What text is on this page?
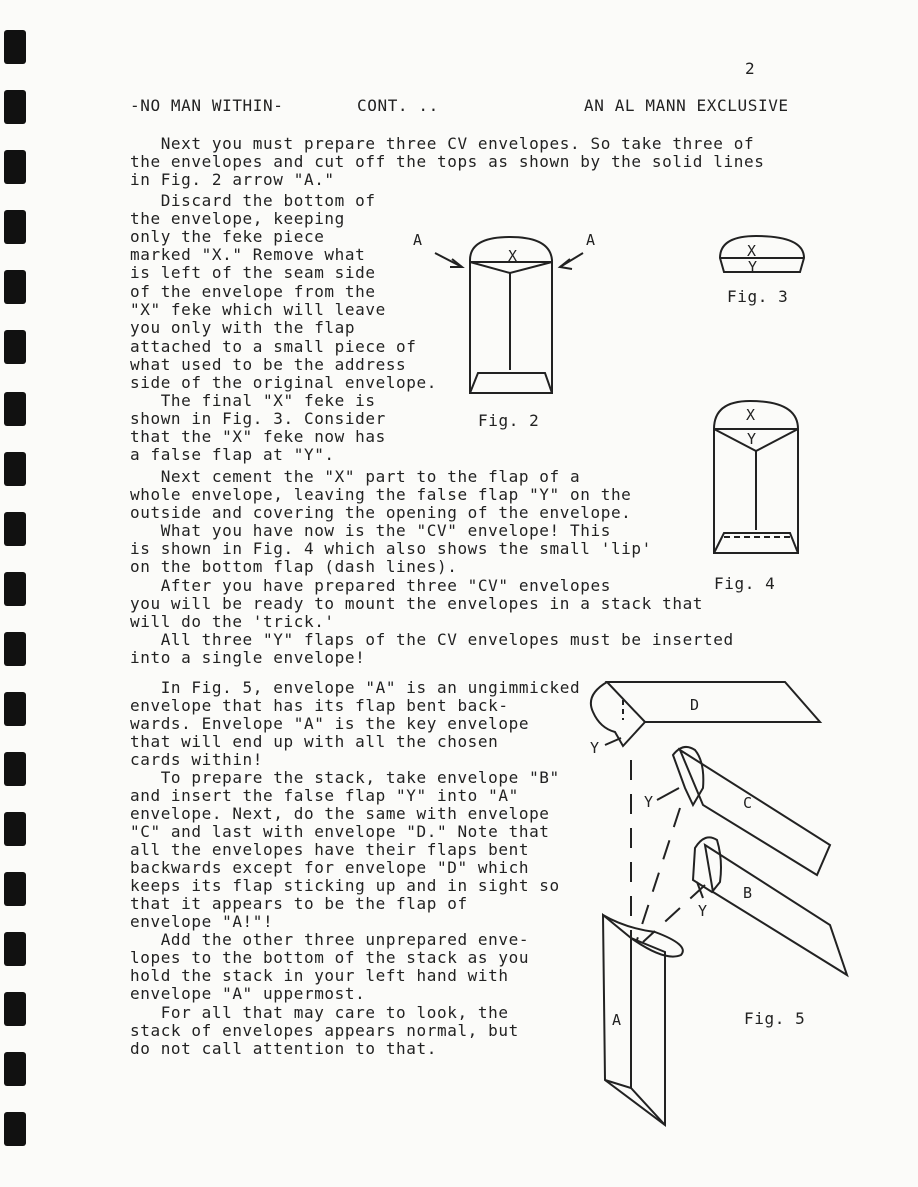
2
-NO MAN WITHIN-	CONT. ..	AN AL MANN EXCLUSIVE
Next you must prepare three CV envelopes. So take three of
the envelopes and cut off the tops as shown by the solid lines
in Fig. 2 arrow "A."
Discard the bottom of
the envelope, keeping
only the feke piece
marked "X." Remove what
is left of the seam side
of the envelope from the
"X" feke which will leave
you only with the flap
attached to a small piece of
what used to be the address
side of the original envelope.
The final "X" feke is
shown in Fig. 3. Consider
that the "X" feke now has
a false flap at "Y".
Next cement the "X" part to the flap of a
whole envelope, leaving the false flap "Y" on the
outside and covering the opening of the envelope.
What you have now is the "CV" envelope! This
is shown in Fig. 4 which also shows the small 'lip'
on the bottom flap (dash lines).
After you have prepared three "CV" envelopes
you will be ready to mount the envelopes in a stack that
will do the 'trick.'
All three "Y" flaps of the CV envelopes must be inserted
into a single envelope!
In Fig. 5, envelope "A" is an ungimmicked
envelope that has its flap bent back-
wards. Envelope "A" is the key envelope
that will end up with all the chosen
cards within!
To prepare the stack, take envelope "B"
and insert the false flap "Y" into "A"
envelope. Next, do the same with envelope
"C" and last with envelope "D." Note that
all the envelopes have their flaps bent
backwards except for envelope "D" which
keeps its flap sticking up and in sight so
that it appears to be the flap of
envelope "A!"!
Add the other three unprepared enve-
lopes to the bottom of the stack as you
hold the stack in your left hand with
envelope "A" uppermost.
For all that may care to look, the
stack of envelopes appears normal, but
do not call attention to that.
A	A
X
Fig. 2
X
Y
Fig. 3
X
Y
Fig. 4
D
C
B
A
Y
Y
Y
Fig. 5
